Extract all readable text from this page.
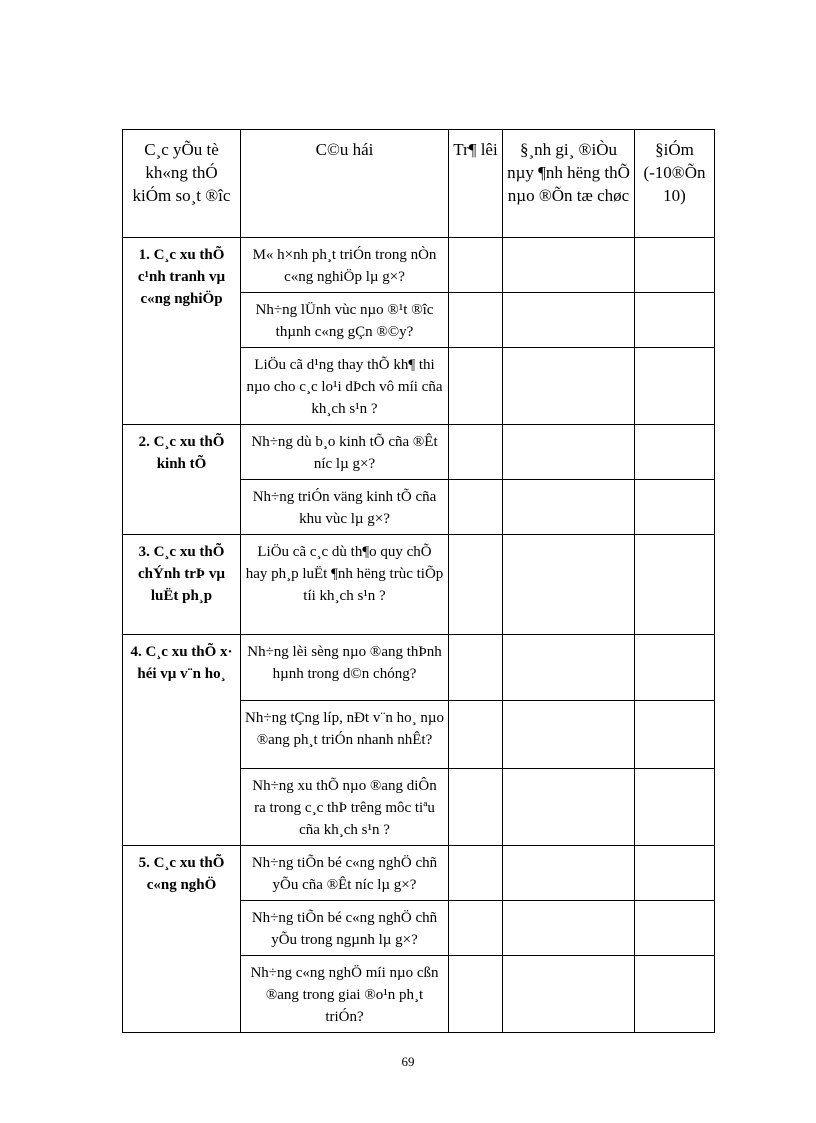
C¸c yÕu tè kh«ng thÓ kiÓm so¸t ®îc	C©u hái	Tr¶ lêi	§¸nh gi¸ ®iÒu nµy ¶nh hëng thÕ nµo ®Õn tæ chøc	§iÓm (-10®Õn 10)
1. C¸c xu thÕ c¹nh tranh vµ c«ng nghiÖp	M« h×nh ph¸t triÓn trong nÒn c«ng nghiÖp lµ g×?			
	Nh÷ng lÜnh vùc nµo ®¹t ®îc thµnh c«ng gÇn ®©y?			
	LiÖu cã d¹ng thay thÕ kh¶ thi nµo cho c¸c lo¹i dÞch vô míi cña kh¸ch s¹n ?			
2. C¸c xu thÕ kinh tÕ	Nh÷ng dù b¸o kinh tÕ cña ®Êt níc lµ g×?			
	Nh÷ng triÓn väng kinh tÕ cña khu vùc lµ g×?			
3. C¸c xu thÕ chÝnh trÞ vµ luËt ph¸p	LiÖu cã c¸c dù th¶o quy chÕ hay ph¸p luËt ¶nh hëng trùc tiÕp tíi kh¸ch s¹n ?			
4. C¸c xu thÕ x· héi vµ v¨n ho¸	Nh÷ng lèi sèng nµo ®ang thÞnh hµnh trong d©n chóng?			
	Nh÷ng tÇng líp, nÐt v¨n ho¸ nµo ®ang ph¸t triÓn nhanh nhÊt?			
	Nh÷ng xu thÕ nµo ®ang diÔn ra trong c¸c thÞ trêng môc tiªu cña kh¸ch s¹n ?			
5. C¸c xu thÕ c«ng nghÖ	Nh÷ng tiÕn bé c«ng nghÖ chñ yÕu cña ®Êt níc lµ g×?			
	Nh÷ng tiÕn bé c«ng nghÖ chñ yÕu trong ngµnh lµ g×?			
	Nh÷ng c«ng nghÖ míi nµo cßn ®ang trong giai ®o¹n ph¸t triÓn?			
69
